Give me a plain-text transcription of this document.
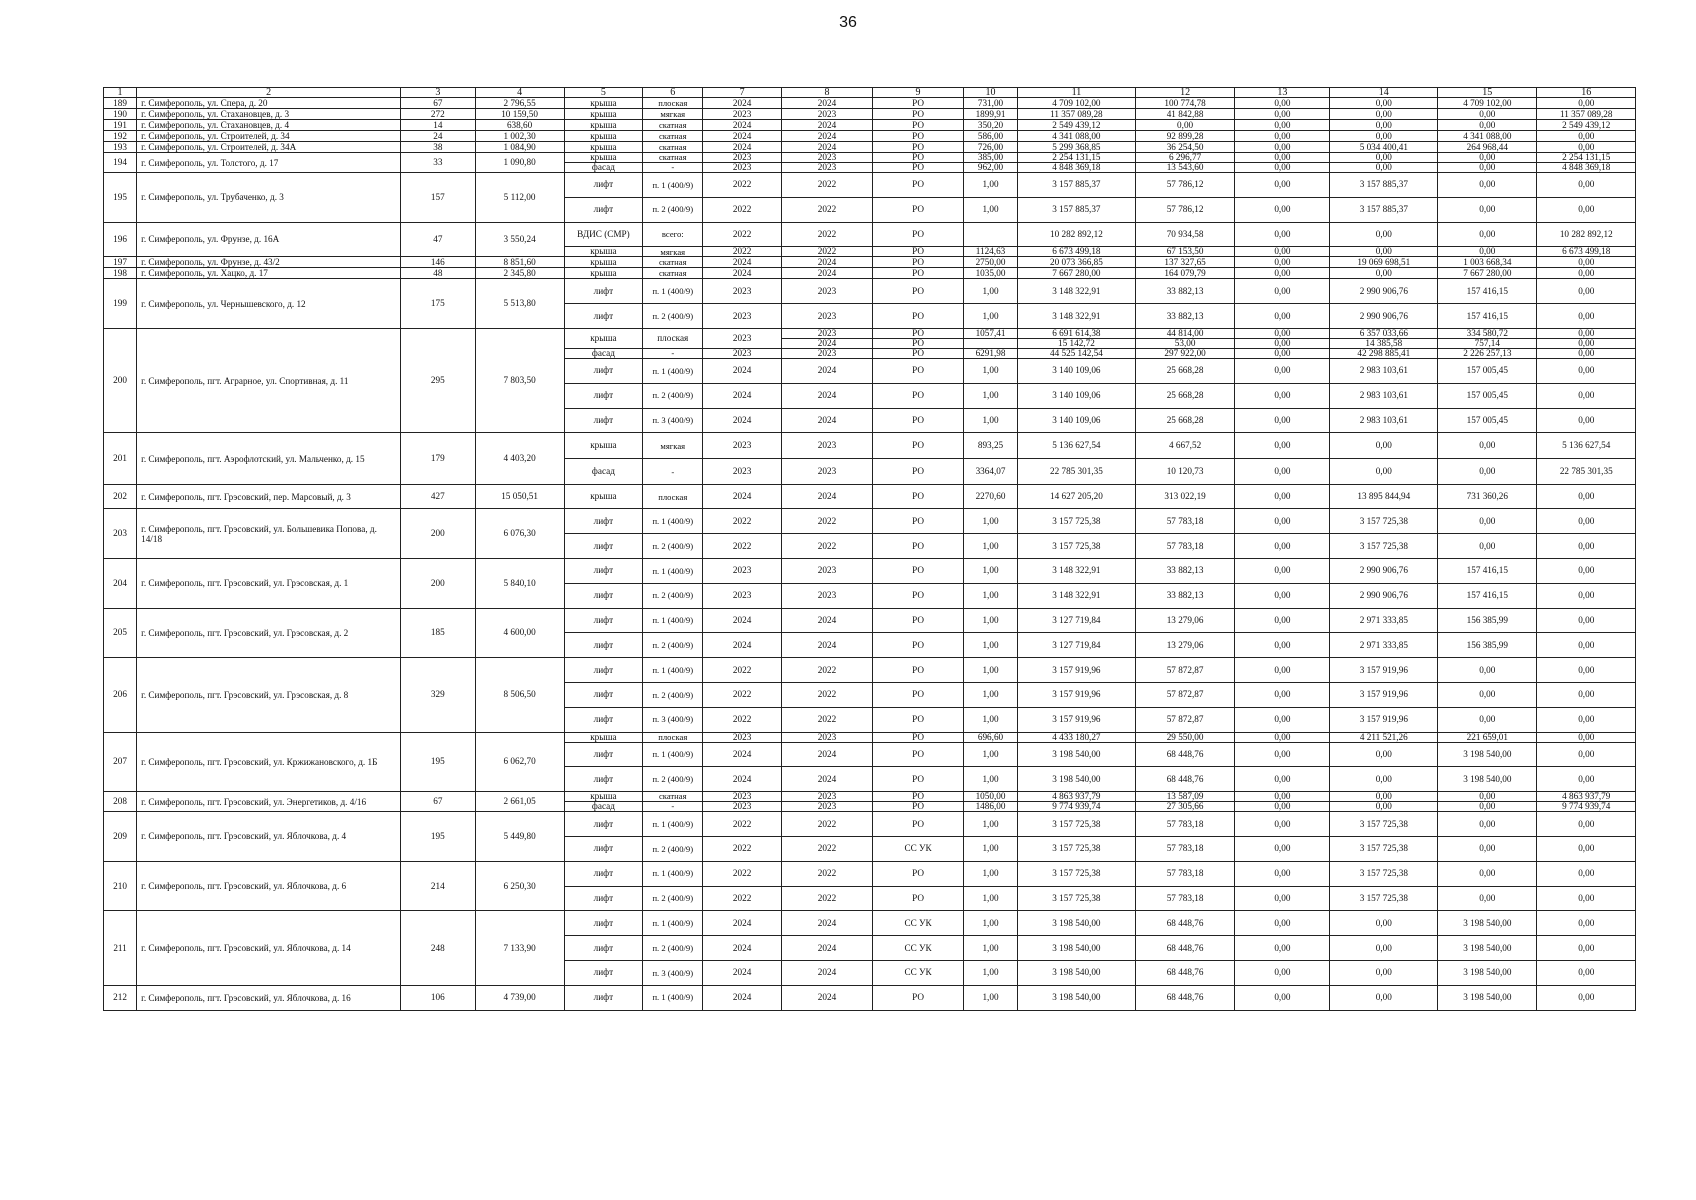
36
1	2	3	4	5	6	7	8	9	10	11	12	13	14	15	16
189	г. Симферополь, ул. Спера, д. 20	67	2 796,55	крыша	плоская	2024	2024	РО	731,00	4 709 102,00	100 774,78	0,00	0,00	4 709 102,00	0,00
190	г. Симферополь, ул. Стахановцев, д. 3	272	10 159,50	крыша	мягкая	2023	2023	РО	1899,91	11 357 089,28	41 842,88	0,00	0,00	0,00	11 357 089,28
191	г. Симферополь, ул. Стахановцев, д. 4	14	638,60	крыша	скатная	2024	2024	РО	350,20	2 549 439,12	0,00	0,00	0,00	0,00	2 549 439,12
192	г. Симферополь, ул. Строителей, д. 34	24	1 002,30	крыша	скатная	2024	2024	РО	586,00	4 341 088,00	92 899,28	0,00	0,00	4 341 088,00	0,00
193	г. Симферополь, ул. Строителей, д. 34А	38	1 084,90	крыша	скатная	2024	2024	РО	726,00	5 299 368,85	36 254,50	0,00	5 034 400,41	264 968,44	0,00
194	г. Симферополь, ул. Толстого, д. 17	33	1 090,80	крыша	скатная	2023	2023	РО	385,00	2 254 131,15	6 296,77	0,00	0,00	0,00	2 254 131,15
				фасад	-	2023	2023	РО	962,00	4 848 369,18	13 543,60	0,00	0,00	0,00	4 848 369,18
195	г. Симферополь, ул. Трубаченко, д. 3	157	5 112,00	лифт	п. 1 (400/9)	2022	2022	РО	1,00	3 157 885,37	57 786,12	0,00	3 157 885,37	0,00	0,00
				лифт	п. 2 (400/9)	2022	2022	РО	1,00	3 157 885,37	57 786,12	0,00	3 157 885,37	0,00	0,00
196	г. Симферополь, ул. Фрунзе, д. 16А	47	3 550,24	ВДИС (СМР)	всего:	2022	2022	РО		10 282 892,12	70 934,58	0,00	0,00	0,00	10 282 892,12
				крыша	мягкая	2022	2022	РО	1124,63	6 673 499,18	67 153,50	0,00	0,00	0,00	6 673 499,18
197	г. Симферополь, ул. Фрунзе, д. 43/2	146	8 851,60	крыша	скатная	2024	2024	РО	2750,00	20 073 366,85	137 327,65	0,00	19 069 698,51	1 003 668,34	0,00
198	г. Симферополь, ул. Хацко, д. 17	48	2 345,80	крыша	скатная	2024	2024	РО	1035,00	7 667 280,00	164 079,79	0,00	0,00	7 667 280,00	0,00
199	г. Симферополь, ул. Чернышевского, д. 12	175	5 513,80	лифт	п. 1 (400/9)	2023	2023	РО	1,00	3 148 322,91	33 882,13	0,00	2 990 906,76	157 416,15	0,00
				лифт	п. 2 (400/9)	2023	2023	РО	1,00	3 148 322,91	33 882,13	0,00	2 990 906,76	157 416,15	0,00
200	г. Симферополь, пгт. Аграрное, ул. Спортивная, д. 11	295	7 803,50	крыша	плоская	2023	2023	РО	1057,41	6 691 614,38	44 814,00	0,00	6 357 033,66	334 580,72	0,00
							2024	РО		15 142,72	53,00	0,00	14 385,58	757,14	0,00
				фасад	-	2023	2023	РО	6291,98	44 525 142,54	297 922,00	0,00	42 298 885,41	2 226 257,13	0,00
				лифт	п. 1 (400/9)	2024	2024	РО	1,00	3 140 109,06	25 668,28	0,00	2 983 103,61	157 005,45	0,00
				лифт	п. 2 (400/9)	2024	2024	РО	1,00	3 140 109,06	25 668,28	0,00	2 983 103,61	157 005,45	0,00
				лифт	п. 3 (400/9)	2024	2024	РО	1,00	3 140 109,06	25 668,28	0,00	2 983 103,61	157 005,45	0,00
201	г. Симферополь, пгт. Аэрофлотский, ул. Мальченко, д. 15	179	4 403,20	крыша	мягкая	2023	2023	РО	893,25	5 136 627,54	4 667,52	0,00	0,00	0,00	5 136 627,54
				фасад	-	2023	2023	РО	3364,07	22 785 301,35	10 120,73	0,00	0,00	0,00	22 785 301,35
202	г. Симферополь, пгт. Грэсовский, пер. Марсовый, д. 3	427	15 050,51	крыша	плоская	2024	2024	РО	2270,60	14 627 205,20	313 022,19	0,00	13 895 844,94	731 360,26	0,00
203	г. Симферополь, пгт. Грэсовский, ул. Большевика Попова, д. 14/18	200	6 076,30	лифт	п. 1 (400/9)	2022	2022	РО	1,00	3 157 725,38	57 783,18	0,00	3 157 725,38	0,00	0,00
				лифт	п. 2 (400/9)	2022	2022	РО	1,00	3 157 725,38	57 783,18	0,00	3 157 725,38	0,00	0,00
204	г. Симферополь, пгт. Грэсовский, ул. Грэсовская, д. 1	200	5 840,10	лифт	п. 1 (400/9)	2023	2023	РО	1,00	3 148 322,91	33 882,13	0,00	2 990 906,76	157 416,15	0,00
				лифт	п. 2 (400/9)	2023	2023	РО	1,00	3 148 322,91	33 882,13	0,00	2 990 906,76	157 416,15	0,00
205	г. Симферополь, пгт. Грэсовский, ул. Грэсовская, д. 2	185	4 600,00	лифт	п. 1 (400/9)	2024	2024	РО	1,00	3 127 719,84	13 279,06	0,00	2 971 333,85	156 385,99	0,00
				лифт	п. 2 (400/9)	2024	2024	РО	1,00	3 127 719,84	13 279,06	0,00	2 971 333,85	156 385,99	0,00
206	г. Симферополь, пгт. Грэсовский, ул. Грэсовская, д. 8	329	8 506,50	лифт	п. 1 (400/9)	2022	2022	РО	1,00	3 157 919,96	57 872,87	0,00	3 157 919,96	0,00	0,00
				лифт	п. 2 (400/9)	2022	2022	РО	1,00	3 157 919,96	57 872,87	0,00	3 157 919,96	0,00	0,00
				лифт	п. 3 (400/9)	2022	2022	РО	1,00	3 157 919,96	57 872,87	0,00	3 157 919,96	0,00	0,00
207	г. Симферополь, пгт. Грэсовский, ул. Кржижановского, д. 1Б	195	6 062,70	крыша	плоская	2023	2023	РО	696,60	4 433 180,27	29 550,00	0,00	4 211 521,26	221 659,01	0,00
				лифт	п. 1 (400/9)	2024	2024	РО	1,00	3 198 540,00	68 448,76	0,00	0,00	3 198 540,00	0,00
				лифт	п. 2 (400/9)	2024	2024	РО	1,00	3 198 540,00	68 448,76	0,00	0,00	3 198 540,00	0,00
208	г. Симферополь, пгт. Грэсовский, ул. Энергетиков, д. 4/16	67	2 661,05	крыша	скатная	2023	2023	РО	1050,00	4 863 937,79	13 587,09	0,00	0,00	0,00	4 863 937,79
				фасад	-	2023	2023	РО	1486,00	9 774 939,74	27 305,66	0,00	0,00	0,00	9 774 939,74
209	г. Симферополь, пгт. Грэсовский, ул. Яблочкова, д. 4	195	5 449,80	лифт	п. 1 (400/9)	2022	2022	РО	1,00	3 157 725,38	57 783,18	0,00	3 157 725,38	0,00	0,00
				лифт	п. 2 (400/9)	2022	2022	СС УК	1,00	3 157 725,38	57 783,18	0,00	3 157 725,38	0,00	0,00
210	г. Симферополь, пгт. Грэсовский, ул. Яблочкова, д. 6	214	6 250,30	лифт	п. 1 (400/9)	2022	2022	РО	1,00	3 157 725,38	57 783,18	0,00	3 157 725,38	0,00	0,00
				лифт	п. 2 (400/9)	2022	2022	РО	1,00	3 157 725,38	57 783,18	0,00	3 157 725,38	0,00	0,00
211	г. Симферополь, пгт. Грэсовский, ул. Яблочкова, д. 14	248	7 133,90	лифт	п. 1 (400/9)	2024	2024	СС УК	1,00	3 198 540,00	68 448,76	0,00	0,00	3 198 540,00	0,00
				лифт	п. 2 (400/9)	2024	2024	СС УК	1,00	3 198 540,00	68 448,76	0,00	0,00	3 198 540,00	0,00
				лифт	п. 3 (400/9)	2024	2024	СС УК	1,00	3 198 540,00	68 448,76	0,00	0,00	3 198 540,00	0,00
212	г. Симферополь, пгт. Грэсовский, ул. Яблочкова, д. 16	106	4 739,00	лифт	п. 1 (400/9)	2024	2024	РО	1,00	3 198 540,00	68 448,76	0,00	0,00	3 198 540,00	0,00
